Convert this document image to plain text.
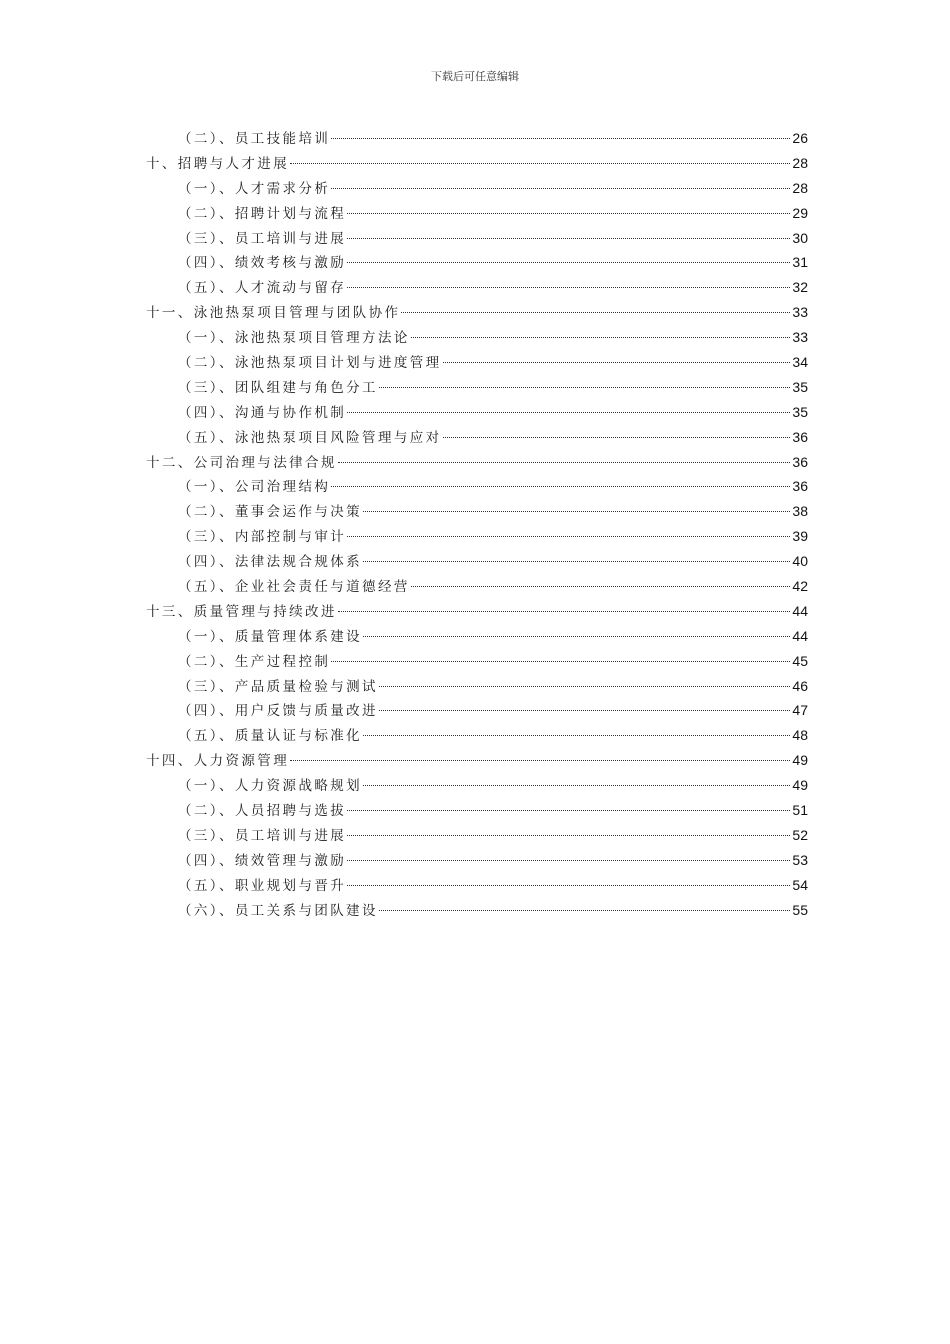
下载后可任意编辑
（二）、员工技能培训	26
十、招聘与人才进展	28
（一）、人才需求分析	28
（二）、招聘计划与流程	29
（三）、员工培训与进展	30
（四）、绩效考核与激励	31
（五）、人才流动与留存	32
十一、泳池热泵项目管理与团队协作	33
（一）、泳池热泵项目管理方法论	33
（二）、泳池热泵项目计划与进度管理	34
（三）、团队组建与角色分工	35
（四）、沟通与协作机制	35
（五）、泳池热泵项目风险管理与应对	36
十二、公司治理与法律合规	36
（一）、公司治理结构	36
（二）、董事会运作与决策	38
（三）、内部控制与审计	39
（四）、法律法规合规体系	40
（五）、企业社会责任与道德经营	42
十三、质量管理与持续改进	44
（一）、质量管理体系建设	44
（二）、生产过程控制	45
（三）、产品质量检验与测试	46
（四）、用户反馈与质量改进	47
（五）、质量认证与标准化	48
十四、人力资源管理	49
（一）、人力资源战略规划	49
（二）、人员招聘与选拔	51
（三）、员工培训与进展	52
（四）、绩效管理与激励	53
（五）、职业规划与晋升	54
（六）、员工关系与团队建设	55
